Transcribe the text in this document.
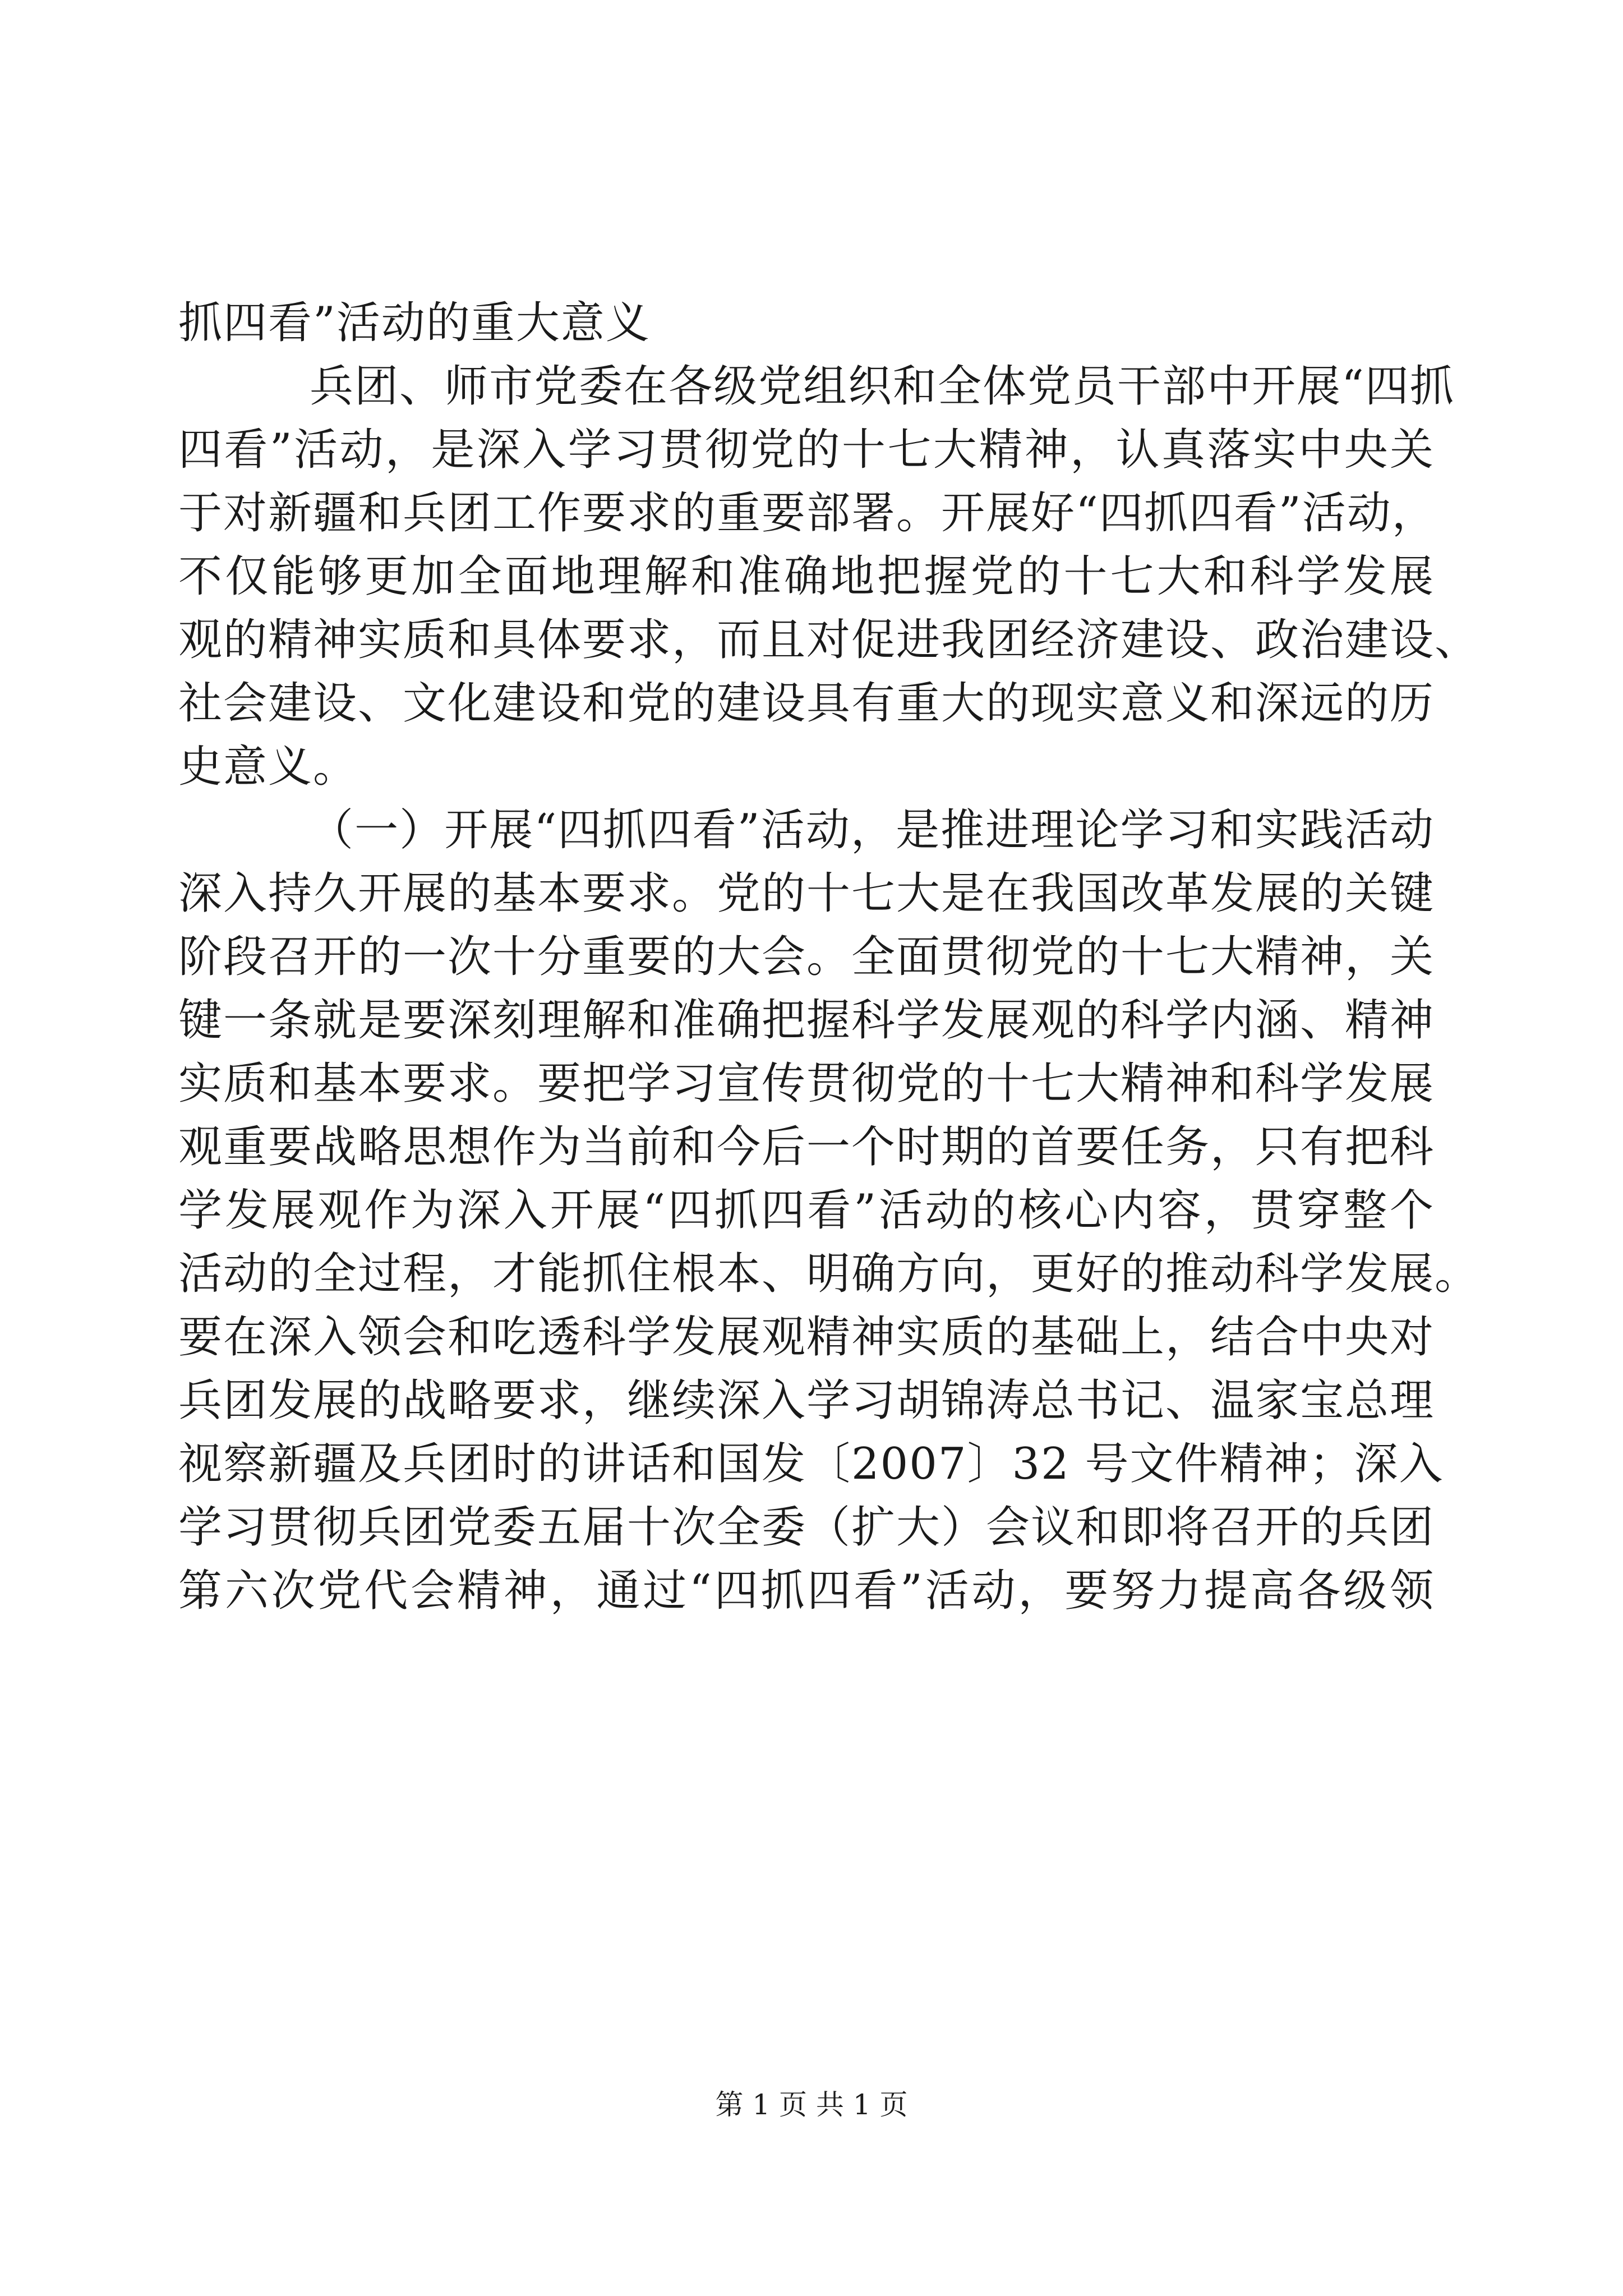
抓四看”活动的重大意义

兵团、师市党委在各级党组织和全体党员干部中开展“四抓
四看”活动，是深入学习贯彻党的十七大精神，认真落实中央关
于对新疆和兵团工作要求的重要部署。开展好“四抓四看”活动，
不仅能够更加全面地理解和准确地把握党的十七大和科学发展
观的精神实质和具体要求，而且对促进我团经济建设、政治建设、
社会建设、文化建设和党的建设具有重大的现实意义和深远的历
史意义。

（一）开展“四抓四看”活动，是推进理论学习和实践活动
深入持久开展的基本要求。党的十七大是在我国改革发展的关键
阶段召开的一次十分重要的大会。全面贯彻党的十七大精神，关
键一条就是要深刻理解和准确把握科学发展观的科学内涵、精神
实质和基本要求。要把学习宣传贯彻党的十七大精神和科学发展
观重要战略思想作为当前和今后一个时期的首要任务，只有把科
学发展观作为深入开展“四抓四看”活动的核心内容，贯穿整个
活动的全过程，才能抓住根本、明确方向，更好的推动科学发展。
要在深入领会和吃透科学发展观精神实质的基础上，结合中央对
兵团发展的战略要求，继续深入学习胡锦涛总书记、温家宝总理
视察新疆及兵团时的讲话和国发〔2007〕32 号文件精神；深入
学习贯彻兵团党委五届十次全委（扩大）会议和即将召开的兵团
第六次党代会精神，通过“四抓四看”活动，要努力提高各级领

第 1 页 共 1 页
